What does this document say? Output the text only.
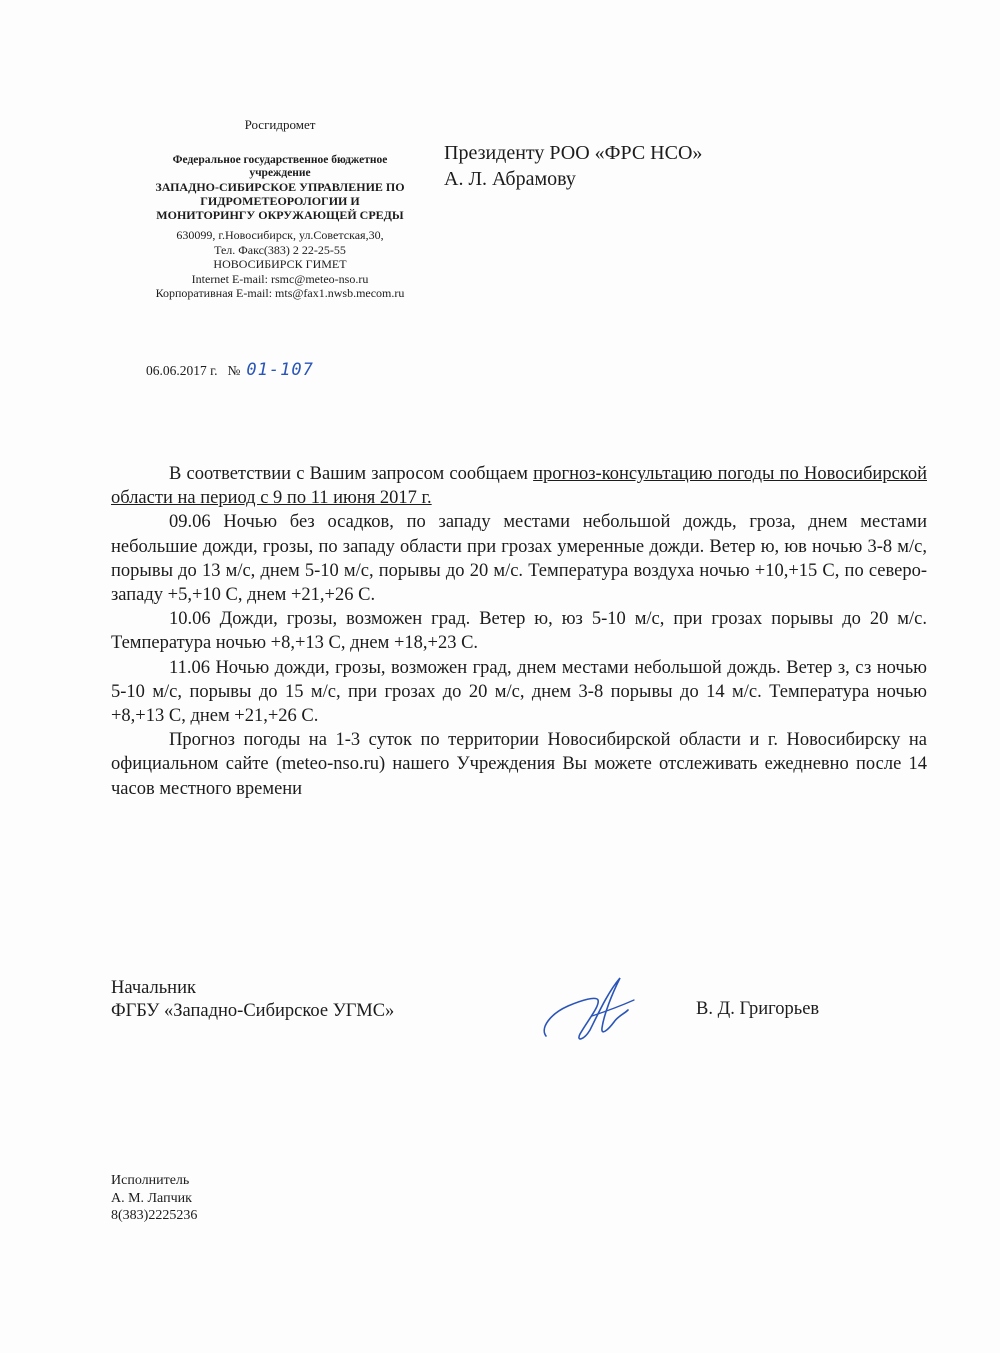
Росгидромет
Федеральное государственное бюджетное
учреждение
ЗАПАДНО-СИБИРСКОЕ УПРАВЛЕНИЕ ПО
ГИДРОМЕТЕОРОЛОГИИ И
МОНИТОРИНГУ ОКРУЖАЮЩЕЙ СРЕДЫ
630099, г.Новосибирск, ул.Советская,30,
Тел. Факс(383) 2 22-25-55
НОВОСИБИРСК ГИМЕТ
Internet E-mail: rsmc@meteo-nso.ru
Корпоративная E-mail: mts@fax1.nwsb.mecom.ru
Президенту РОО «ФРС НСО»
А. Л. Абрамову
06.06.2017 г. № 01-107

В соответствии с Вашим запросом сообщаем прогноз-консультацию погоды по Новосибирской области на период с 9 по 11 июня 2017 г.

09.06 Ночью без осадков, по западу местами небольшой дождь, гроза, днем местами небольшие дожди, грозы, по западу области при грозах умеренные дожди. Ветер ю, юв ночью 3-8 м/с, порывы до 13 м/с, днем 5-10 м/с, порывы до 20 м/с. Температура воздуха ночью +10,+15 С, по северо-западу +5,+10 С, днем +21,+26 С.

10.06 Дожди, грозы, возможен град. Ветер ю, юз 5-10 м/с, при грозах порывы до 20 м/с. Температура ночью +8,+13 С, днем +18,+23 С.

11.06 Ночью дожди, грозы, возможен град, днем местами небольшой дождь. Ветер з, сз ночью 5-10 м/с, порывы до 15 м/с, при грозах до 20 м/с, днем 3-8 порывы до 14 м/с. Температура ночью +8,+13 С, днем +21,+26 С.

Прогноз погоды на 1-3 суток по территории Новосибирской области и г. Новосибирску на официальном сайте (meteo-nso.ru) нашего Учреждения Вы можете отслеживать ежедневно после 14 часов местного времени

Начальник
ФГБУ «Западно-Сибирское УГМС»	В. Д. Григорьев
Исполнитель
А. М. Лапчик
8(383)2225236
